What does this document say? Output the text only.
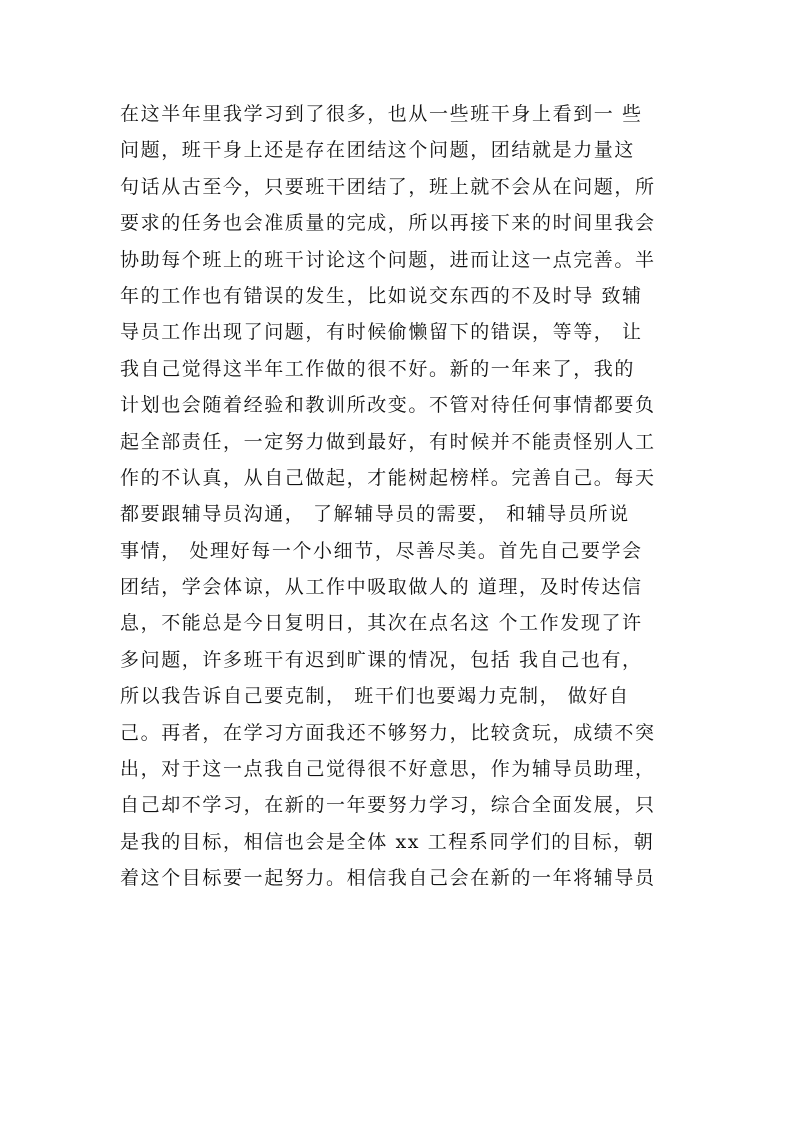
在这半年里我学习到了很多，也从一些班干身上看到一 些
问题，班干身上还是存在团结这个问题，团结就是力量这
句话从古至今，只要班干团结了，班上就不会从在问题，所
要求的任务也会准质量的完成，所以再接下来的时间里我会
协助每个班上的班干讨论这个问题，进而让这一点完善。半
年的工作也有错误的发生，比如说交东西的不及时导 致辅
导员工作出现了问题，有时候偷懒留下的错误，等等， 让
我自己觉得这半年工作做的很不好。新的一年来了，我的
计划也会随着经验和教训所改变。不管对待任何事情都要负
起全部责任，一定努力做到最好，有时候并不能责怪别人工
作的不认真，从自己做起，才能树起榜样。完善自己。每天
都要跟辅导员沟通， 了解辅导员的需要， 和辅导员所说
事情， 处理好每一个小细节，尽善尽美。首先自己要学会
团结，学会体谅，从工作中吸取做人的 道理，及时传达信
息，不能总是今日复明日，其次在点名这 个工作发现了许
多问题，许多班干有迟到旷课的情况，包括 我自己也有，
所以我告诉自己要克制， 班干们也要竭力克制， 做好自
己。再者，在学习方面我还不够努力，比较贪玩，成绩不突
出，对于这一点我自己觉得很不好意思，作为辅导员助理，
自己却不学习，在新的一年要努力学习，综合全面发展，只
是我的目标，相信也会是全体 xx 工程系同学们的目标，朝
着这个目标要一起努力。相信我自己会在新的一年将辅导员
